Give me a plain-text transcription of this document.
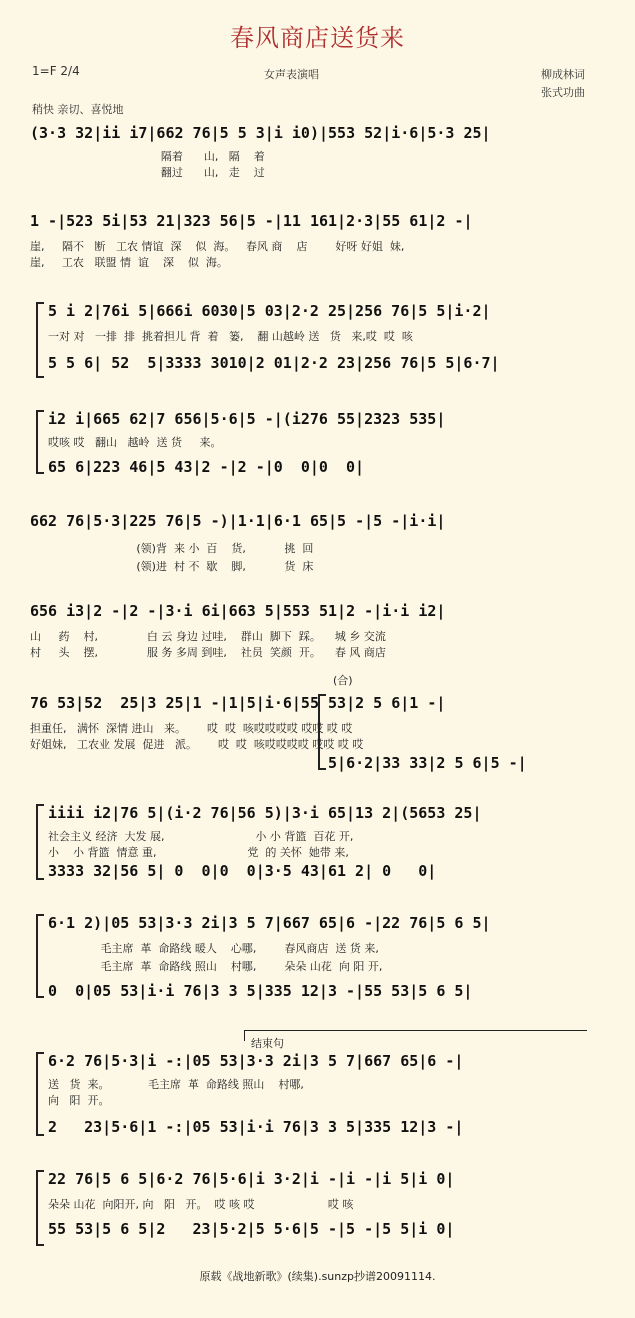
春风商店送货来
1=F 2/4	女声表演唱	柳成林词
张式功曲
稍快 亲切、喜悦地
(3·3 32|ii i7|662 76|5 5 3|i i0)|553 52|i·6|5·3 25|
隔着      山,   隔    着
翻过      山,   走    过
1 -|523 5i|53 21|323 56|5 -|11 161|2·3|55 61|2 -|
崖,     隔不   断   工农 情谊  深    似  海。   春风 商    店        好呀 好姐  妹,
崖,     工农   联盟 情  谊    深    似  海。
5 i 2|76i 5|666i 6030|5 03|2·2 25|256 76|5 5|i·2|
一对 对   一排  排  挑着担儿 背  着   篓,    翻 山越岭 送   货   来,哎  哎  咳
5 5 6| 52  5|3333 3010|2 01|2·2 23|256 76|5 5|6·7|
i2 i|665 62|7 656|5·6|5 -|(i276 55|2323 535|
哎咳 哎   翻山   越岭  送 货     来。
65 6|223 46|5 43|2 -|2 -|0  0|0  0|
662 76|5·3|225 76|5 -)|1·1|6·1 65|5 -|5 -|i·i|
(领)背  来 小  百    货,           挑  回
(领)进  村 不  歇    脚,           货  床
656 i3|2 -|2 -|3·i 6i|663 5|553 51|2 -|i·i i2|
山     药    村,              白 云 身边 过哇,    群山  脚下  踩。    城 乡 交流
村     头    摆,              服 务 多周 到哇,    社员  笑颜  开。    春 风 商店
(合)
76 53|52  25|3 25|1 -|1|5|i·6|55 53|2 5 6|1 -|
担重任,   满怀  深情 进山   来。      哎  哎  咳哎哎哎哎 哎哎 哎 哎
好姐妹,   工农业 发展  促进   派。      哎  哎  咳哎哎哎哎 哎哎 哎 哎
5|6·2|33 33|2 5 6|5 -|
iiii i2|76 5|(i·2 76|56 5)|3·i 65|13 2|(5653 25|
社会主义 经济  大发 展,                          小 小 背篮  百花 开,
小    小 背篮  情意 重,                          党  的 关怀  她带 来,
3333 32|56 5| 0  0|0  0|3·5 43|61 2| 0   0|
6·1 2)|05 53|3·3 2i|3 5 7|667 65|6 -|22 76|5 6 5|
毛主席  革  命路线 暖人    心哪,        春风商店  送 货 来,
毛主席  革  命路线 照山    村哪,        朵朵 山花  向 阳 开,
0  0|05 53|i·i 76|3 3 5|335 12|3 -|55 53|5 6 5|
结束句
6·2 76|5·3|i -:|05 53|3·3 2i|3 5 7|667 65|6 -|
送   货  来。           毛主席  革  命路线 照山    村哪,
向   阳  开。
2   23|5·6|1 -:|05 53|i·i 76|3 3 5|335 12|3 -|
22 76|5 6 5|6·2 76|5·6|i 3·2|i -|i -|i 5|i 0|
朵朵 山花  向阳开, 向   阳   开。  哎 咳 哎                     哎 咳
55 53|5 6 5|2   23|5·2|5 5·6|5 -|5 -|5 5|i 0|
原载《战地新歌》(续集).sunzp抄谱20091114.
